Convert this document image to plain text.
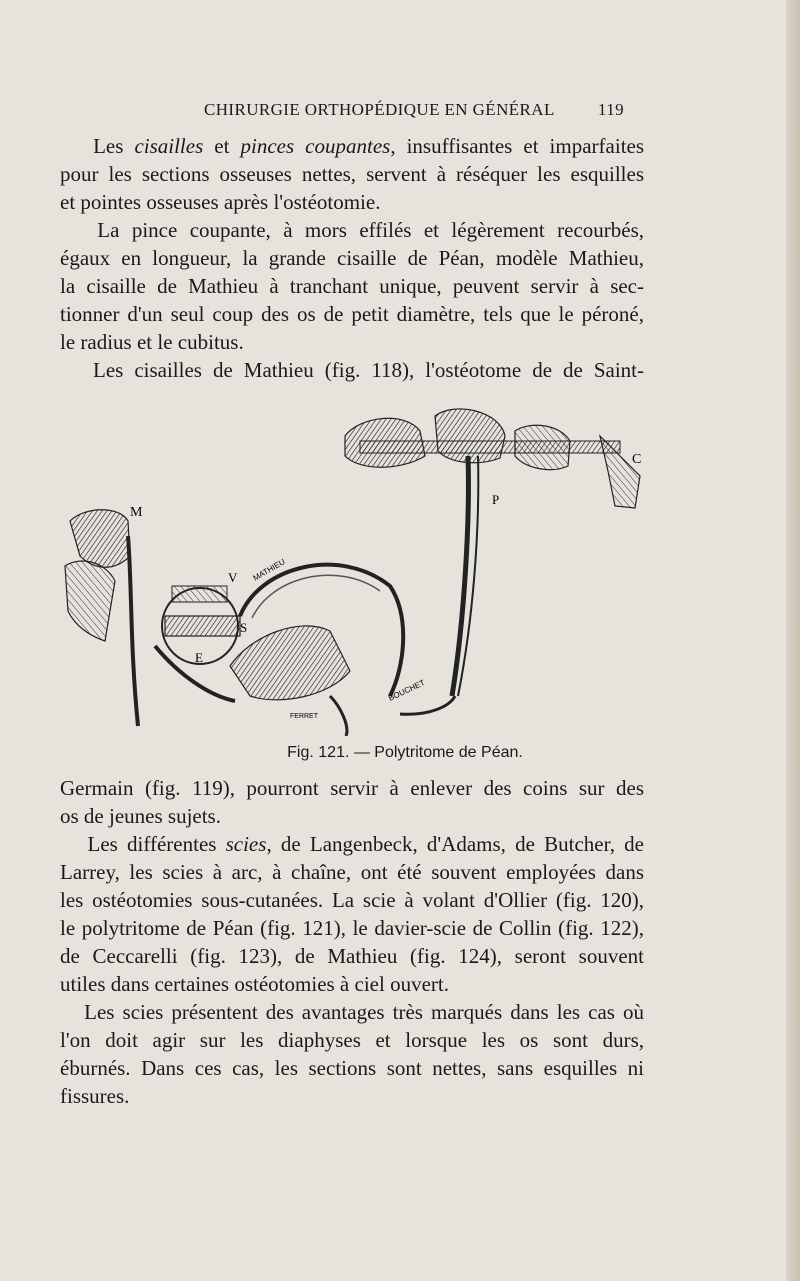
CHIRURGIE ORTHOPÉDIQUE EN GÉNÉRAL	119

Les cisailles et pinces coupantes, insuffisantes et imparfaites
pour les sections osseuses nettes, servent à réséquer les esquilles
et pointes osseuses après l'ostéotomie.

La pince coupante, à mors effilés et légèrement recourbés,
égaux en longueur, la grande cisaille de Péan, modèle Mathieu,
la cisaille de Mathieu à tranchant unique, peuvent servir à sec-
tionner d'un seul coup des os de petit diamètre, tels que le péroné,
le radius et le cubitus.

Les cisailles de Mathieu (fig. 118), l'ostéotome de de Saint-

C
P
M
V
S
E
MATHIEU
BOUCHET
FERRET
Fig. 121. — Polytritome de Péan.

Germain (fig. 119), pourront servir à enlever des coins sur des
os de jeunes sujets.

Les différentes scies, de Langenbeck, d'Adams, de Butcher, de
Larrey, les scies à arc, à chaîne, ont été souvent employées dans
les ostéotomies sous-cutanées. La scie à volant d'Ollier (fig. 120),
le polytritome de Péan (fig. 121), le davier-scie de Collin (fig. 122),
de Ceccarelli (fig. 123), de Mathieu (fig. 124), seront souvent
utiles dans certaines ostéotomies à ciel ouvert.

Les scies présentent des avantages très marqués dans les cas où
l'on doit agir sur les diaphyses et lorsque les os sont durs,
éburnés. Dans ces cas, les sections sont nettes, sans esquilles ni
fissures.
